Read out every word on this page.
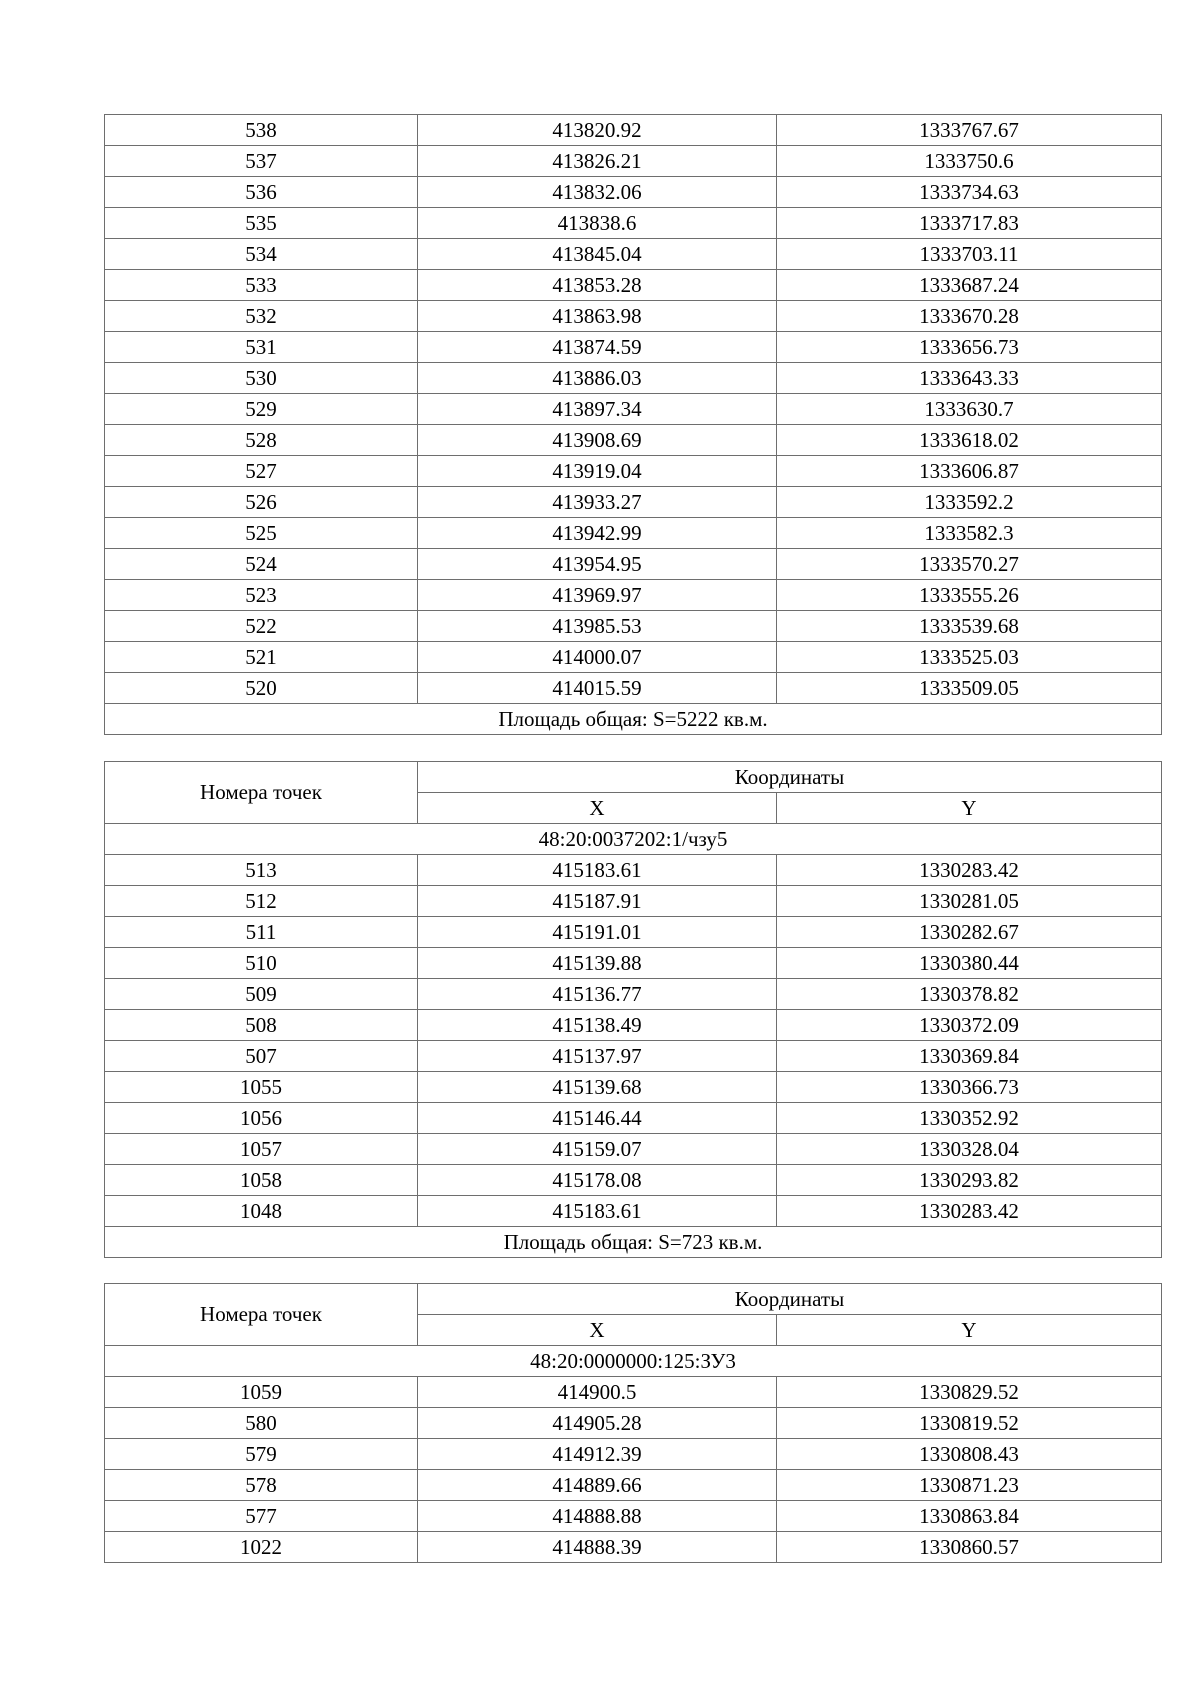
538	413820.92	1333767.67
537	413826.21	1333750.6
536	413832.06	1333734.63
535	413838.6	1333717.83
534	413845.04	1333703.11
533	413853.28	1333687.24
532	413863.98	1333670.28
531	413874.59	1333656.73
530	413886.03	1333643.33
529	413897.34	1333630.7
528	413908.69	1333618.02
527	413919.04	1333606.87
526	413933.27	1333592.2
525	413942.99	1333582.3
524	413954.95	1333570.27
523	413969.97	1333555.26
522	413985.53	1333539.68
521	414000.07	1333525.03
520	414015.59	1333509.05
Площадь общая: S=5222 кв.м.		
Номера точек	Координаты	
	X	Y
48:20:0037202:1/чзу5		
513	415183.61	1330283.42
512	415187.91	1330281.05
511	415191.01	1330282.67
510	415139.88	1330380.44
509	415136.77	1330378.82
508	415138.49	1330372.09
507	415137.97	1330369.84
1055	415139.68	1330366.73
1056	415146.44	1330352.92
1057	415159.07	1330328.04
1058	415178.08	1330293.82
1048	415183.61	1330283.42
Площадь общая: S=723 кв.м.		
Номера точек	Координаты	
	X	Y
48:20:0000000:125:ЗУ3		
1059	414900.5	1330829.52
580	414905.28	1330819.52
579	414912.39	1330808.43
578	414889.66	1330871.23
577	414888.88	1330863.84
1022	414888.39	1330860.57
